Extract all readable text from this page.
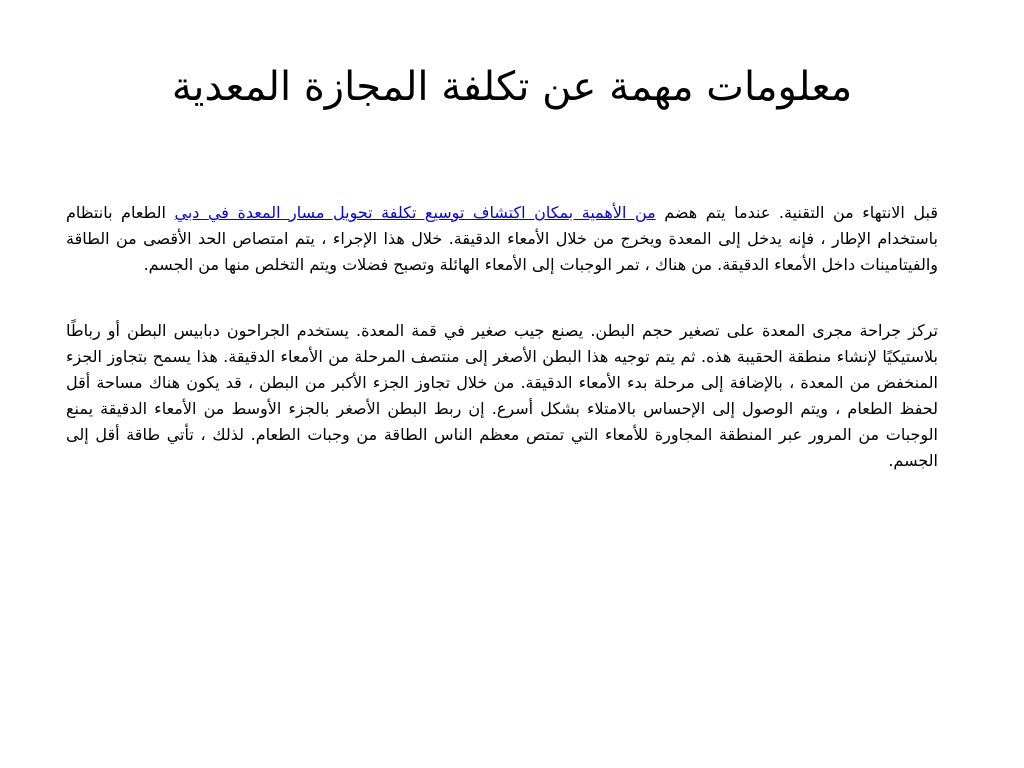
معلومات مهمة عن تكلفة المجازة المعدية

قبل الانتهاء من التقنية. عندما يتم هضم من الأهمية بمكان اكتشاف توسيع تكلفة تحويل مسار المعدة في دبي الطعام بانتظام باستخدام الإطار ، فإنه يدخل إلى المعدة ويخرج من خلال الأمعاء الدقيقة. خلال هذا الإجراء ، يتم امتصاص الحد الأقصى من الطاقة والفيتامينات داخل الأمعاء الدقيقة. من هناك ، تمر الوجبات إلى الأمعاء الهائلة وتصبح فضلات ويتم التخلص منها من الجسم.

تركز جراحة مجرى المعدة على تصغير حجم البطن. يصنع جيب صغير في قمة المعدة. يستخدم الجراحون دبابيس البطن أو رباطًا بلاستيكيًا لإنشاء منطقة الحقيبة هذه. ثم يتم توجيه هذا البطن الأصغر إلى منتصف المرحلة من الأمعاء الدقيقة. هذا يسمح بتجاوز الجزء المنخفض من المعدة ، بالإضافة إلى مرحلة بدء الأمعاء الدقيقة. من خلال تجاوز الجزء الأكبر من البطن ، قد يكون هناك مساحة أقل لحفظ الطعام ، ويتم الوصول إلى الإحساس بالامتلاء بشكل أسرع. إن ربط البطن الأصغر بالجزء الأوسط من الأمعاء الدقيقة يمنع الوجبات من المرور عبر المنطقة المجاورة للأمعاء التي تمتص معظم الناس الطاقة من وجبات الطعام. لذلك ، تأتي طاقة أقل إلى الجسم.
